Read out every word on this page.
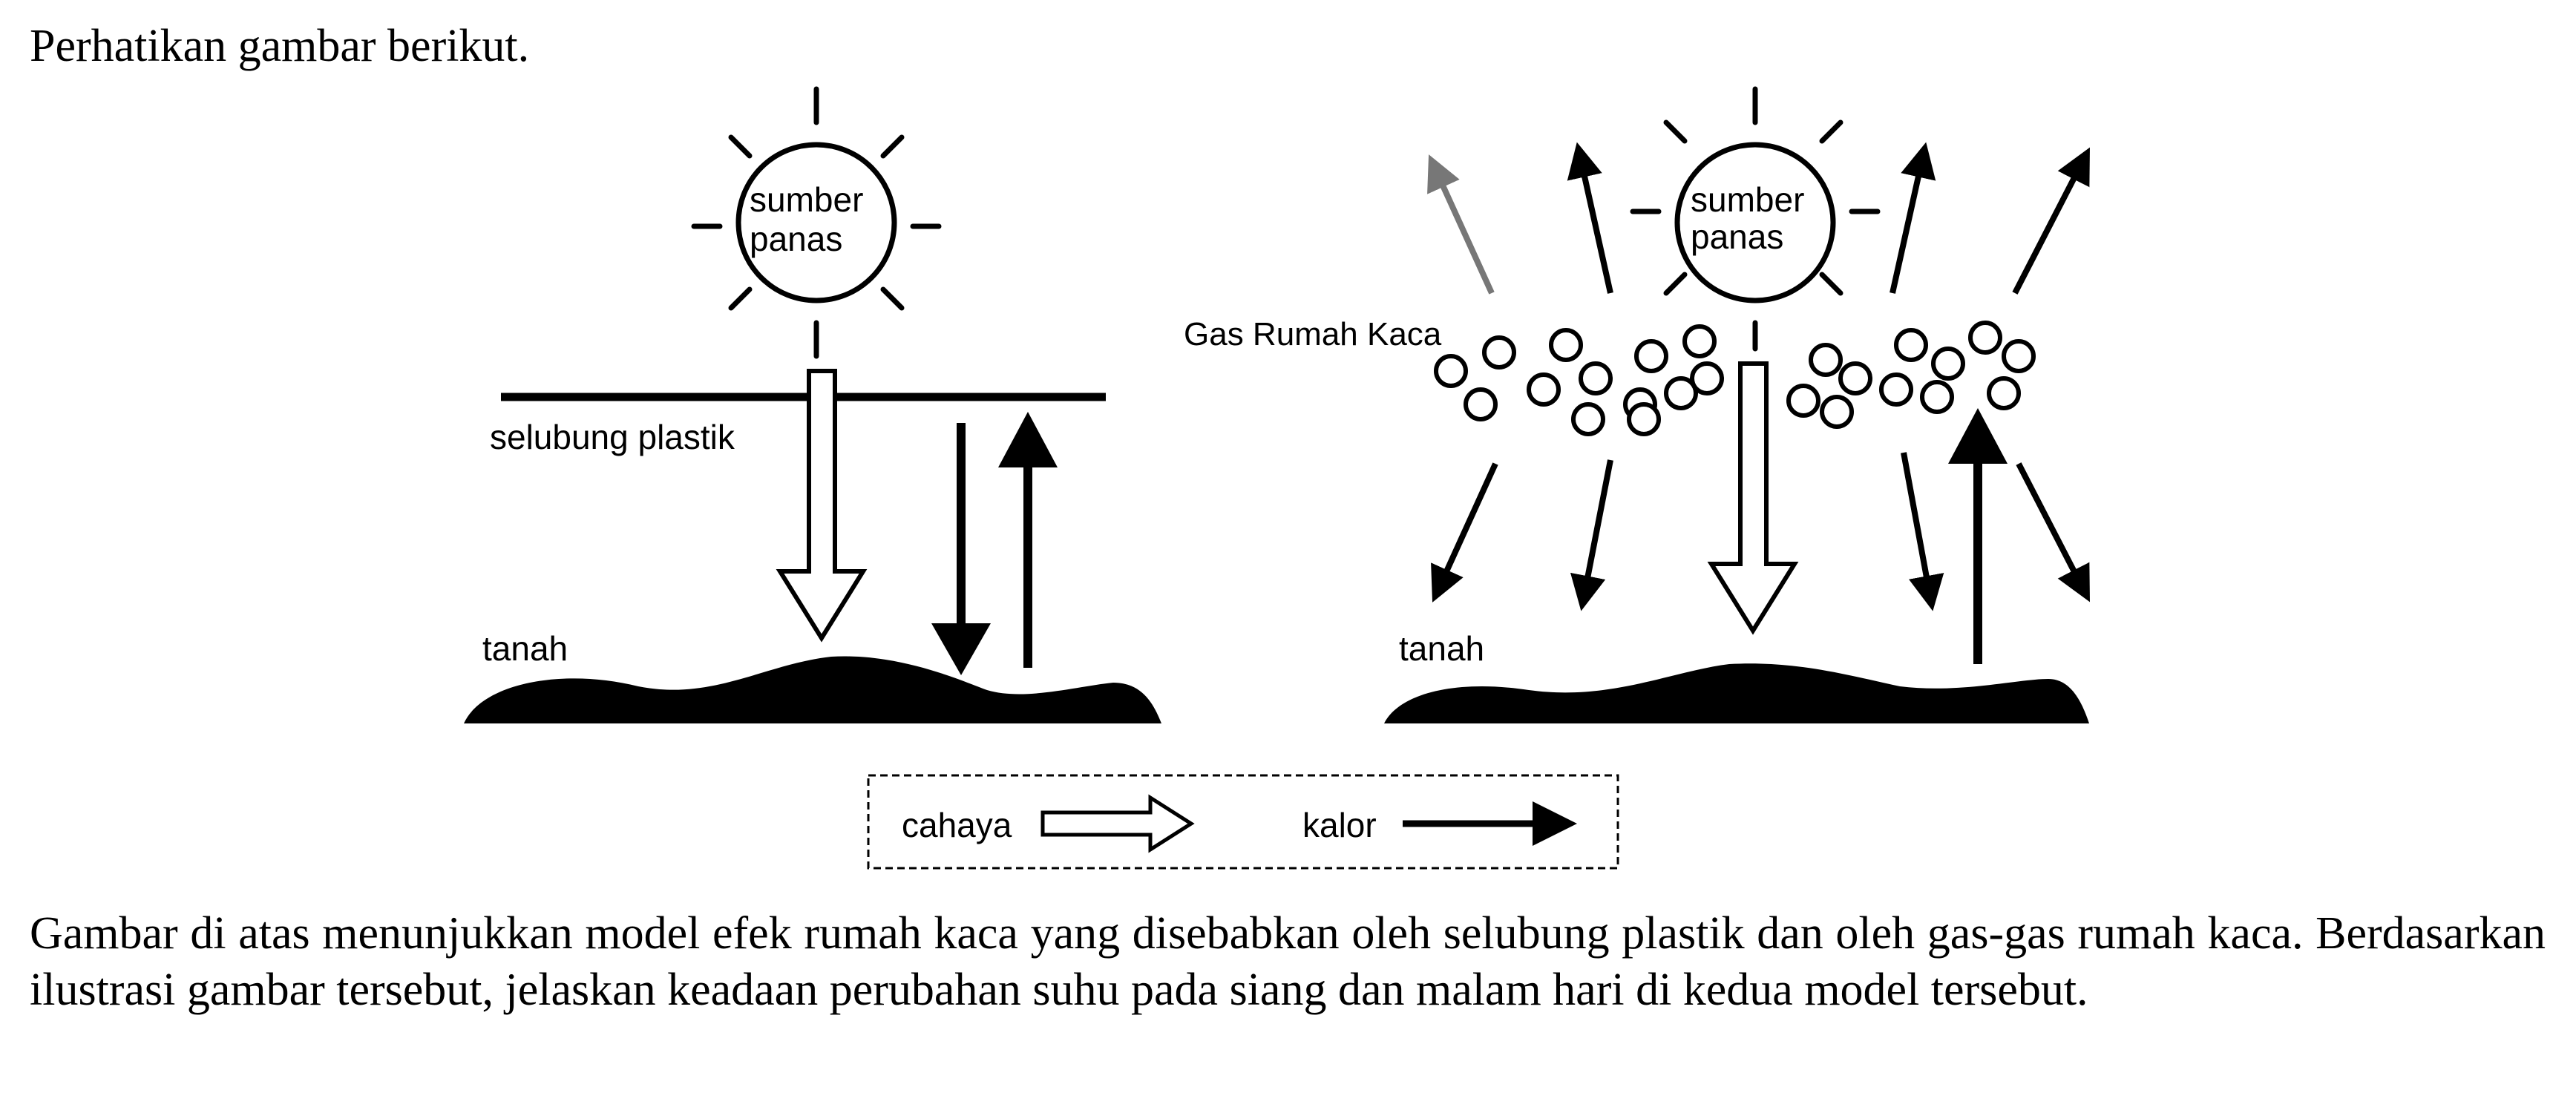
Perhatikan gambar berikut.
sumber
panas
selubung plastik
tanah
sumber
panas
Gas Rumah Kaca
tanah
cahaya	kalor
Gambar di atas menunjukkan model efek rumah kaca yang disebabkan oleh selubung plastik dan oleh gas-gas rumah kaca. Berdasarkan ilustrasi gambar tersebut, jelaskan keadaan perubahan suhu pada siang dan malam hari di kedua model tersebut.
